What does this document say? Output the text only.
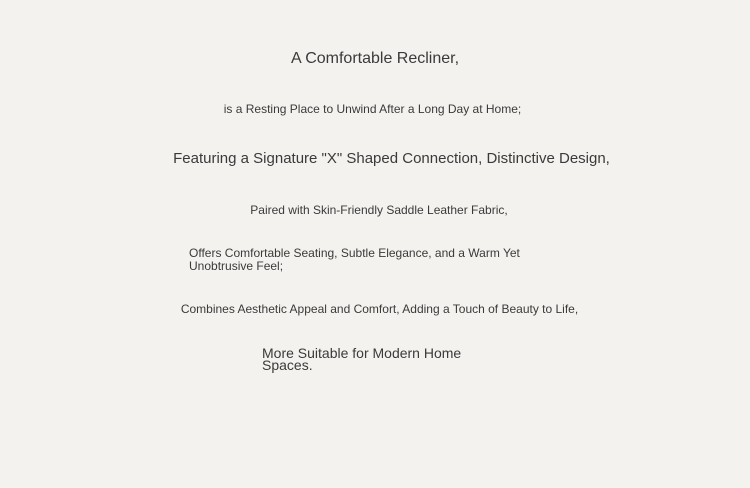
A Comfortable Recliner,
is a Resting Place to Unwind After a Long Day at Home;
Featuring a Signature "X" Shaped Connection, Distinctive Design,
Paired with Skin-Friendly Saddle Leather Fabric,
Offers Comfortable Seating, Subtle Elegance, and a Warm Yet Unobtrusive Feel;
Combines Aesthetic Appeal and Comfort, Adding a Touch of Beauty to Life,
More Suitable for Modern Home Spaces.
